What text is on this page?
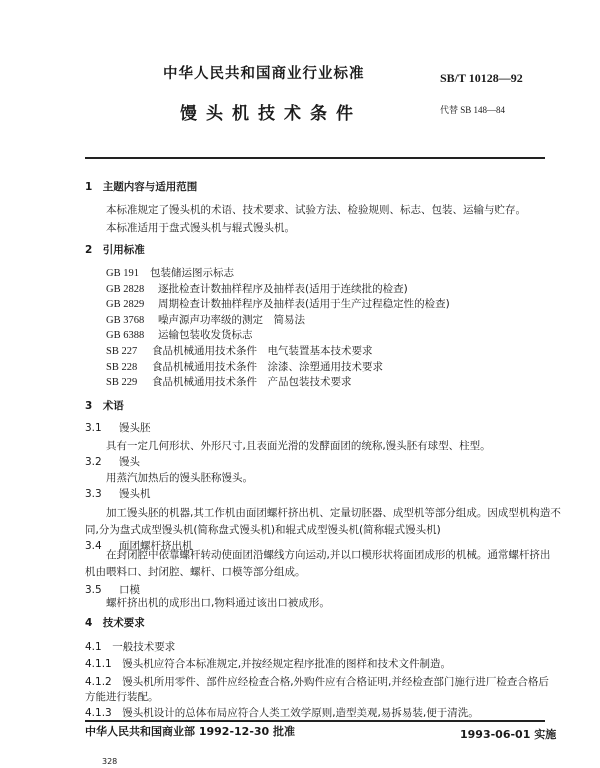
中华人民共和国商业行业标准	SB/T 10128—92
馒头机技术条件	代替 SB 148—84
1　主题内容与适用范围
本标准规定了馒头机的术语、技术要求、试验方法、检验规则、标志、包装、运输与贮存。
本标准适用于盘式馒头机与辊式馒头机。
2　引用标准
GB 191 包装储运图示标志
GB 2828 逐批检查计数抽样程序及抽样表(适用于连续批的检查)
GB 2829 周期检查计数抽样程序及抽样表(适用于生产过程稳定性的检查)
GB 3768 噪声源声功率级的测定　简易法
GB 6388 运输包装收发货标志
SB 227 食品机械通用技术条件　电气装置基本技术要求
SB 228 食品机械通用技术条件　涂漆、涂塑通用技术要求
SB 229 食品机械通用技术条件　产品包装技术要求
3　术语
3.1 馒头胚
具有一定几何形状、外形尺寸,且表面光滑的发酵面团的统称,馒头胚有球型、柱型。
3.2 馒头
用蒸汽加热后的馒头胚称馒头。
3.3 馒头机
加工馒头胚的机器,其工作机由面团螺杆挤出机、定量切胚器、成型机等部分组成。因成型机构造不
同,分为盘式成型馒头机(简称盘式馒头机)和辊式成型馒头机(简称辊式馒头机)
3.4 面团螺杆挤出机
在封闭腔中依靠螺杆转动使面团沿螺线方向运动,并以口模形状将面团成形的机械。通常螺杆挤出
机由喂料口、封闭腔、螺杆、口模等部分组成。
3.5 口模
螺杆挤出机的成形出口,物料通过该出口被成形。
4　技术要求
4.1　一般技术要求
4.1.1　馒头机应符合本标准规定,并按经规定程序批准的图样和技术文件制造。
4.1.2　馒头机所用零件、部件应经检查合格,外购件应有合格证明,并经检查部门施行进厂检查合格后
方能进行装配。
4.1.3　馒头机设计的总体布局应符合人类工效学原则,造型美观,易拆易装,便于清洗。
中华人民共和国商业部 1992-12-30 批准	1993-06-01 实施
328
